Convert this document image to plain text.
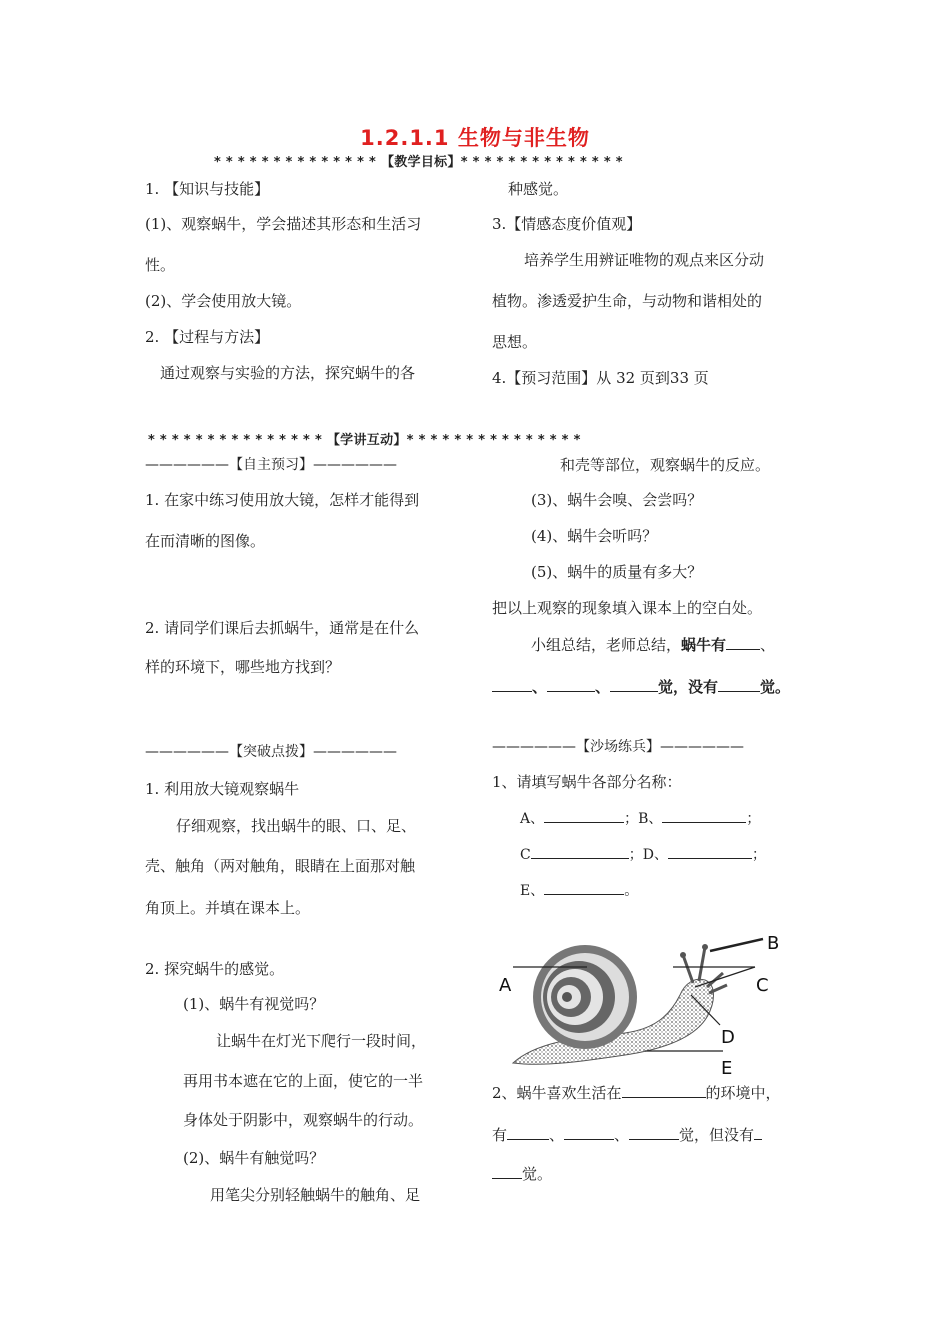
1.2.1.1 生物与非生物
* * * * * * * * * * * * * * 【教学目标】* * * * * * * * * * * * * *
1. 【知识与技能】
(1)、观察蜗牛，学会描述其形态和生活习
性。
(2)、学会使用放大镜。
2. 【过程与方法】
通过观察与实验的方法，探究蜗牛的各
种感觉。
3.【情感态度价值观】
培养学生用辨证唯物的观点来区分动
植物。渗透爱护生命，与动物和谐相处的
思想。
4.【预习范围】从 32 页到33 页
* * * * * * * * * * * * * * * 【学讲互动】* * * * * * * * * * * * * * *
——————【自主预习】——————
1. 在家中练习使用放大镜，怎样才能得到
在而清晰的图像。
2. 请同学们课后去抓蜗牛，通常是在什么
样的环境下，哪些地方找到？
——————【突破点拨】——————
1. 利用放大镜观察蜗牛
仔细观察，找出蜗牛的眼、口、足、
壳、触角（两对触角，眼睛在上面那对触
角顶上。并填在课本上。
2. 探究蜗牛的感觉。
(1)、蜗牛有视觉吗？
让蜗牛在灯光下爬行一段时间，
再用书本遮在它的上面，使它的一半
身体处于阴影中，观察蜗牛的行动。
(2)、蜗牛有触觉吗？
用笔尖分别轻触蜗牛的触角、足
和壳等部位，观察蜗牛的反应。
(3)、蜗牛会嗅、会尝吗？
(4)、蜗牛会听吗？
(5)、蜗牛的质量有多大？
把以上观察的现象填入课本上的空白处。
小组总结，老师总结，蜗牛有 、
、	、	觉，没有	觉。
——————【沙场练兵】——————
1、请填写蜗牛各部分名称：
A、	；B、	；
C	；D、	；
E、	。
A
B
C
D
E
2、蜗牛喜欢生活在	的环境中，
有	、	、	觉，但没有
觉。
